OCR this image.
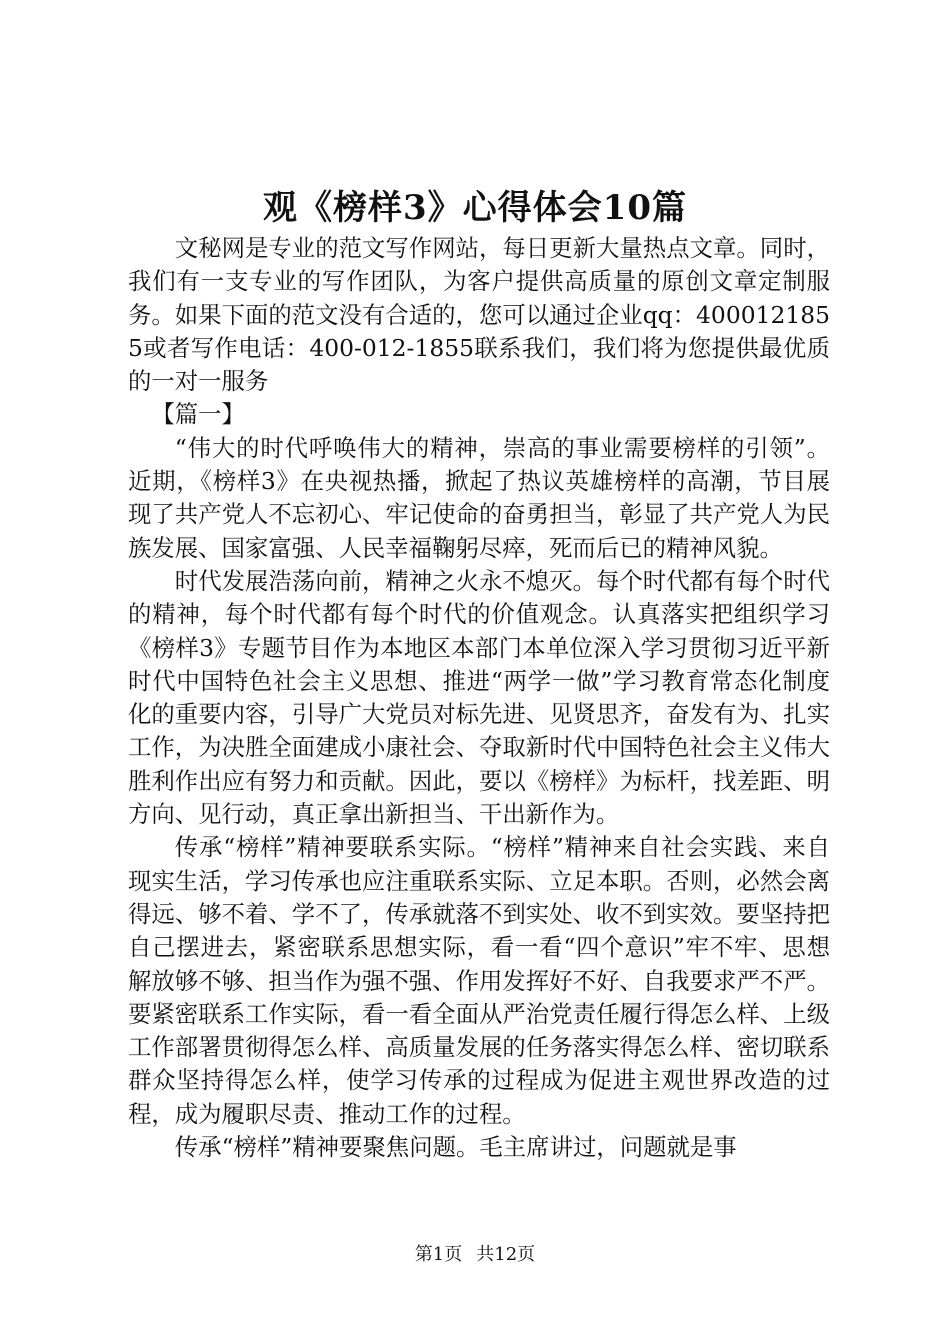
观《榜样3》心得体会10篇

文秘网是专业的范文写作网站，每日更新大量热点文章。同时，我们有一支专业的写作团队，为客户提供高质量的原创文章定制服务。如果下面的范文没有合适的，您可以通过企业qq：4000121855或者写作电话：400-012-1855联系我们，我们将为您提供最优质的一对一服务

【篇一】

“伟大的时代呼唤伟大的精神，崇高的事业需要榜样的引领”。近期，《榜样3》在央视热播，掀起了热议英雄榜样的高潮，节目展现了共产党人不忘初心、牢记使命的奋勇担当，彰显了共产党人为民族发展、国家富强、人民幸福鞠躬尽瘁，死而后已的精神风貌。

时代发展浩荡向前，精神之火永不熄灭。每个时代都有每个时代的精神，每个时代都有每个时代的价值观念。认真落实把组织学习《榜样3》专题节目作为本地区本部门本单位深入学习贯彻习近平新时代中国特色社会主义思想、推进“两学一做”学习教育常态化制度化的重要内容，引导广大党员对标先进、见贤思齐，奋发有为、扎实工作，为决胜全面建成小康社会、夺取新时代中国特色社会主义伟大胜利作出应有努力和贡献。因此，要以《榜样》为标杆，找差距、明方向、见行动，真正拿出新担当、干出新作为。

传承“榜样”精神要联系实际。“榜样”精神来自社会实践、来自现实生活，学习传承也应注重联系实际、立足本职。否则，必然会离得远、够不着、学不了，传承就落不到实处、收不到实效。要坚持把自己摆进去，紧密联系思想实际，看一看“四个意识”牢不牢、思想解放够不够、担当作为强不强、作用发挥好不好、自我要求严不严。要紧密联系工作实际，看一看全面从严治党责任履行得怎么样、上级工作部署贯彻得怎么样、高质量发展的任务落实得怎么样、密切联系群众坚持得怎么样，使学习传承的过程成为促进主观世界改造的过程，成为履职尽责、推动工作的过程。

传承“榜样”精神要聚焦问题。毛主席讲过，问题就是事

第1页 共12页
